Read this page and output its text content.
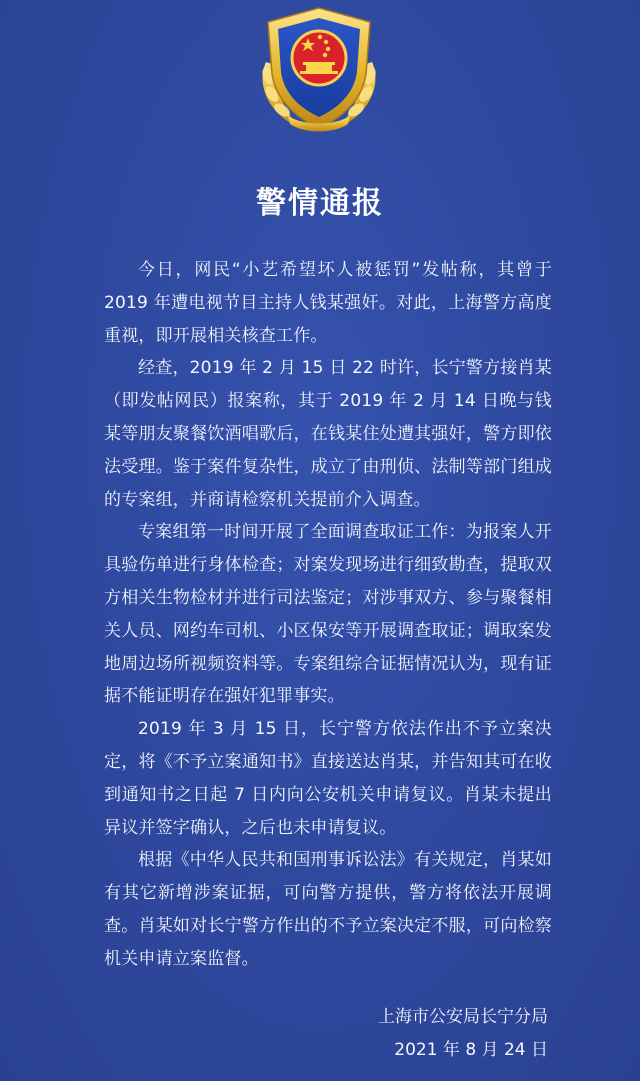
警情通报

今日，网民“小艺希望坏人被惩罚”发帖称，其曾于 2019 年遭电视节目主持人钱某强奸。对此，上海警方高度重视，即开展相关核查工作。

经查，2019 年 2 月 15 日 22 时许，长宁警方接肖某（即发帖网民）报案称，其于 2019 年 2 月 14 日晚与钱某等朋友聚餐饮酒唱歌后，在钱某住处遭其强奸，警方即依法受理。鉴于案件复杂性，成立了由刑侦、法制等部门组成的专案组，并商请检察机关提前介入调查。

专案组第一时间开展了全面调查取证工作：为报案人开具验伤单进行身体检查；对案发现场进行细致勘查，提取双方相关生物检材并进行司法鉴定；对涉事双方、参与聚餐相关人员、网约车司机、小区保安等开展调查取证；调取案发地周边场所视频资料等。专案组综合证据情况认为，现有证据不能证明存在强奸犯罪事实。

2019 年 3 月 15 日，长宁警方依法作出不予立案决定，将《不予立案通知书》直接送达肖某，并告知其可在收到通知书之日起 7 日内向公安机关申请复议。肖某未提出异议并签字确认，之后也未申请复议。

根据《中华人民共和国刑事诉讼法》有关规定，肖某如有其它新增涉案证据，可向警方提供，警方将依法开展调查。肖某如对长宁警方作出的不予立案决定不服，可向检察机关申请立案监督。

上海市公安局长宁分局
2021 年 8 月 24 日
